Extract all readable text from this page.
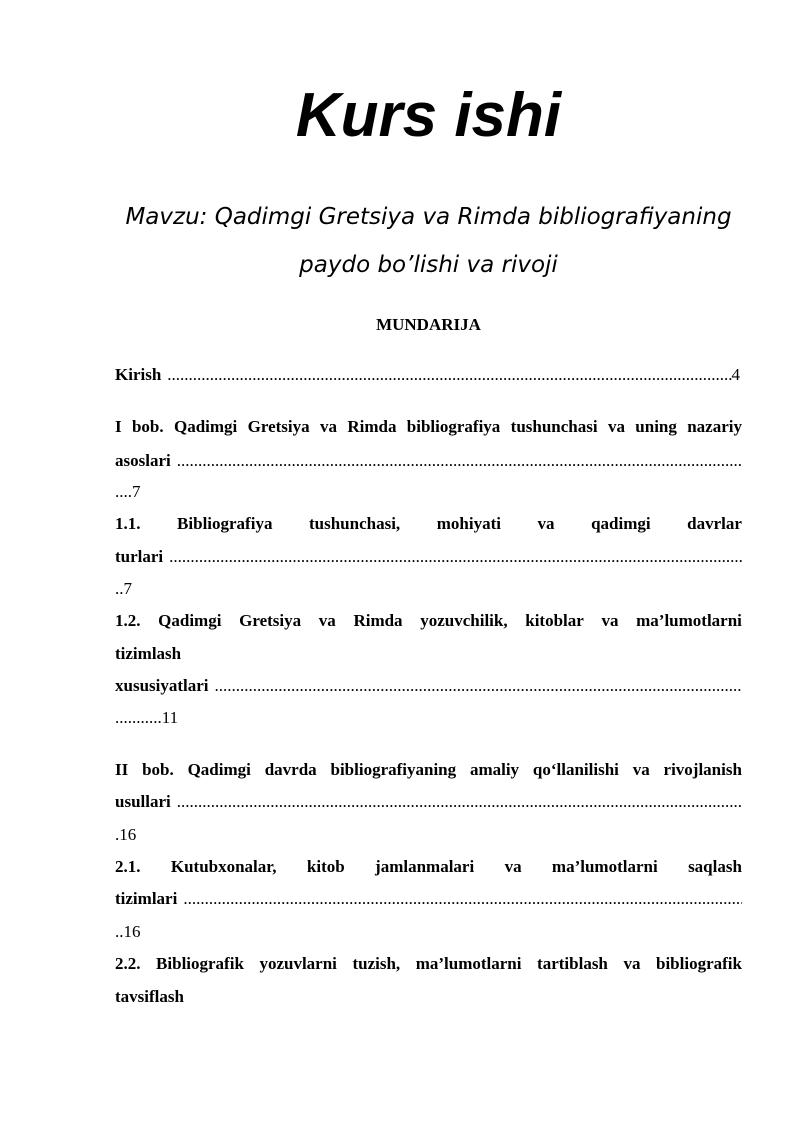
Kurs ishi

Mavzu: Qadimgi Gretsiya va Rimda bibliografiyaning

paydo bo’lishi va rivoji

MUNDARIJA
Kirish .....	4
I bob. Qadimgi Gretsiya va Rimda bibliografiya tushunchasi va uning nazariy
asoslari
.....
....7
1.1. Bibliografiya tushunchasi, mohiyati va qadimgi davrlar
turlari
.....
..7
1.2. Qadimgi Gretsiya va Rimda yozuvchilik, kitoblar va ma’lumotlarni
tizimlash
xususiyatlari
.....
...........11
II bob. Qadimgi davrda bibliografiyaning amaliy qo‘llanilishi va rivojlanish
usullari
.....
.16
2.1. Kutubxonalar, kitob jamlanmalari va ma’lumotlarni saqlash
tizimlari
.....
..16
2.2. Bibliografik yozuvlarni tuzish, ma’lumotlarni tartiblash va bibliografik
tavsiflash
